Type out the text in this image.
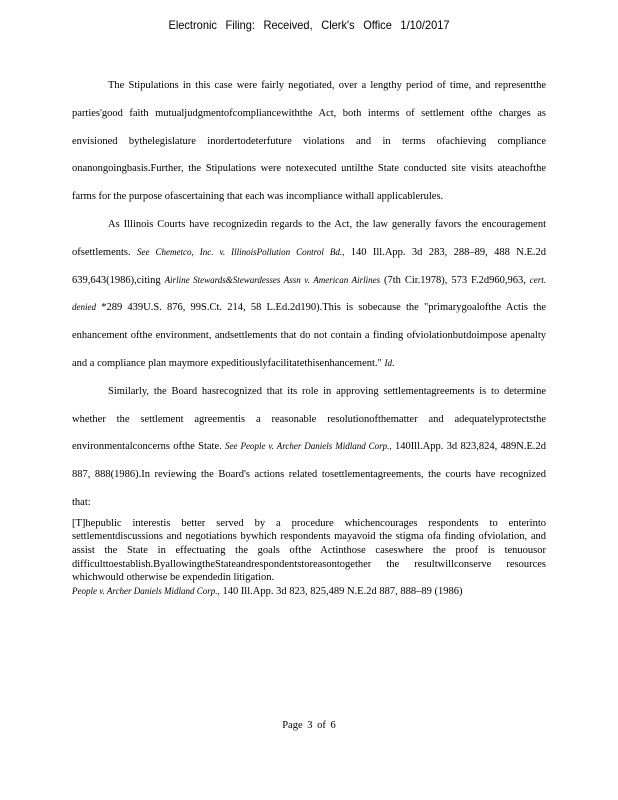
Electronic Filing: Received, Clerk's Office 1/10/2017

The Stipulations in this case were fairly negotiated, over a lengthy period of time, and representthe parties'good faith mutualjudgmentofcompliancewiththe Act, both interms of settlement ofthe charges as envisioned bythelegislature inordertodeterfuture violations and in terms ofachieving compliance onanongoingbasis.Further, the Stipulations were notexecuted untilthe State conducted site visits ateachofthe farms for the purpose ofascertaining that each was incompliance withall applicablerules.

As Illinois Courts have recognizedin regards to the Act, the law generally favors the encouragement ofsettlements. See Chemetco, Inc. v. IllinoisPollution Control Bd., 140 Ill.App. 3d 283, 288–89, 488 N.E.2d 639,643(1986),citing Airline Stewards&Stewardesses Assn v. American Airlines (7th Cir.1978), 573 F.2d960,963, cert. denied *289 439U.S. 876, 99S.Ct. 214, 58 L.Ed.2d190).This is sobecause the "primarygoalofthe Actis the enhancement ofthe environment, andsettlements that do not contain a finding ofviolationbutdoimpose apenalty and a compliance plan maymore expeditiouslyfacilitatethisenhancement." Id.

Similarly, the Board hasrecognized that its role in approving settlementagreements is to determine whether the settlement agreementis a reasonable resolutionofthematter and adequatelyprotectsthe environmentalconcerns ofthe State. See People v. Archer Daniels Midland Corp., 140Ill.App. 3d 823,824, 489N.E.2d 887, 888(1986).In reviewing the Board's actions related tosettlementagreements, the courts have recognized that:

[T]hepublic interestis better served by a procedure whichencourages respondents to enterinto settlementdiscussions and negotiations bywhich respondents mayavoid the stigma ofa finding ofviolation, and assist the State in effectuating the goals ofthe Actinthose caseswhere the proof is tenuousor difficulttoestablish.ByallowingtheStateandrespondentstoreasontogether the resultwillconserve resources whichwould otherwise be expendedin litigation.

People v. Archer Daniels Midland Corp., 140 Ill.App. 3d 823, 825,489 N.E.2d 887, 888–89 (1986)

Page 3 of 6
